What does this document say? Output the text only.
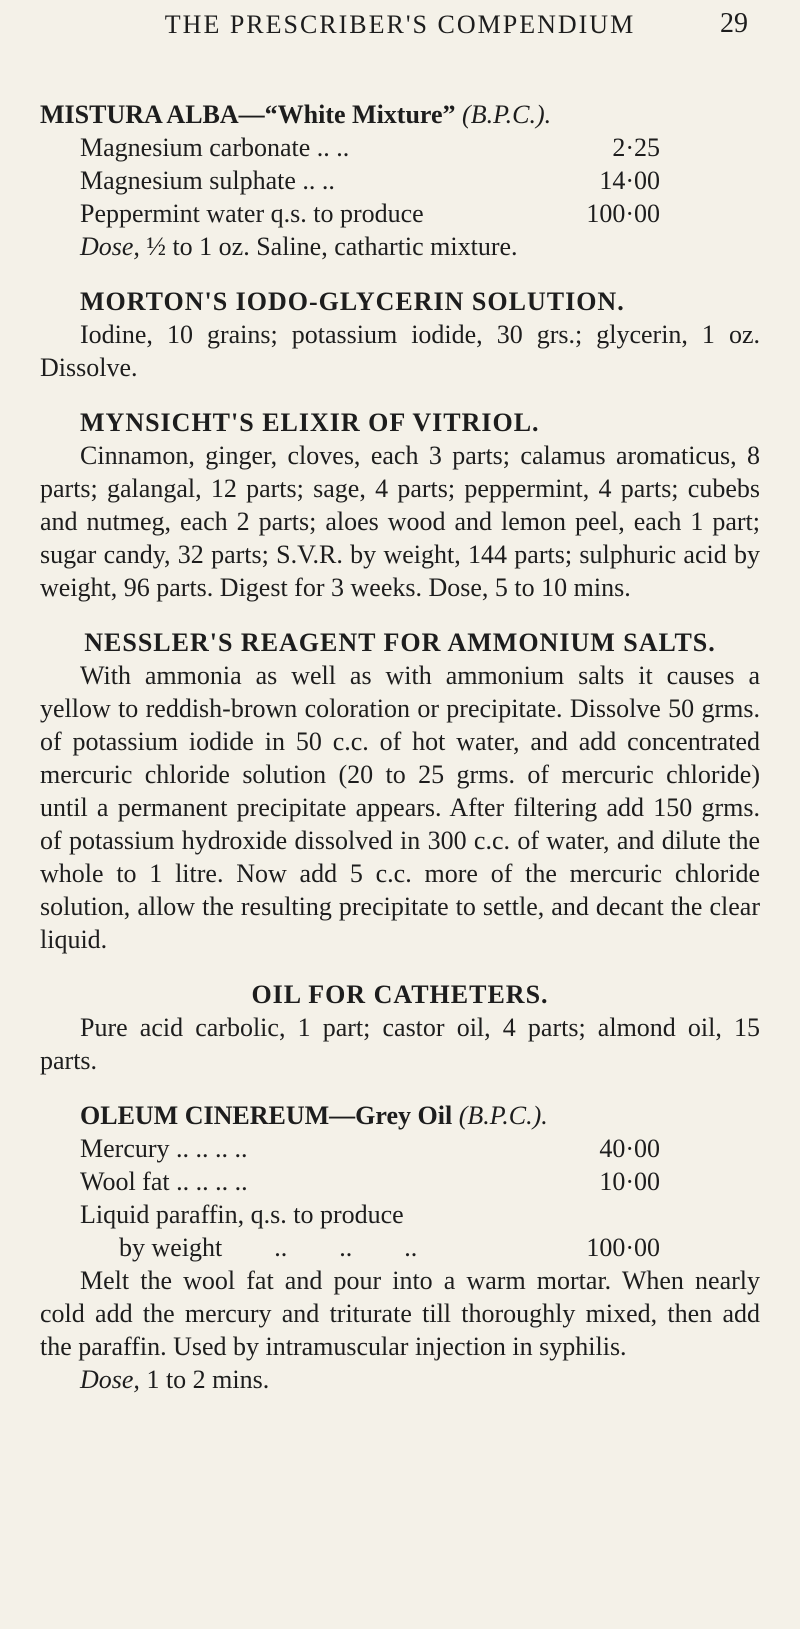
THE PRESCRIBER'S COMPENDIUM	29
MISTURA ALBA—“White Mixture” (B.P.C.).
Magnesium carbonate .. ..	2·25
Magnesium sulphate .. ..	14·00
Peppermint water q.s. to produce	100·00
Dose, ½ to 1 oz. Saline, cathartic mixture.
MORTON'S IODO-GLYCERIN SOLUTION.
Iodine, 10 grains; potassium iodide, 30 grs.; glycerin, 1 oz. Dissolve.
MYNSICHT'S ELIXIR OF VITRIOL.
Cinnamon, ginger, cloves, each 3 parts; calamus aromaticus, 8 parts; galangal, 12 parts; sage, 4 parts; peppermint, 4 parts; cubebs and nutmeg, each 2 parts; aloes wood and lemon peel, each 1 part; sugar candy, 32 parts; S.V.R. by weight, 144 parts; sulphuric acid by weight, 96 parts. Digest for 3 weeks. Dose, 5 to 10 mins.
NESSLER'S REAGENT FOR AMMONIUM SALTS.
With ammonia as well as with ammonium salts it causes a yellow to reddish-brown coloration or precipitate. Dissolve 50 grms. of potassium iodide in 50 c.c. of hot water, and add concentrated mercuric chloride solution (20 to 25 grms. of mercuric chloride) until a permanent precipitate appears. After filtering add 150 grms. of potassium hydroxide dissolved in 300 c.c. of water, and dilute the whole to 1 litre. Now add 5 c.c. more of the mercuric chloride solution, allow the resulting precipitate to settle, and decant the clear liquid.
OIL FOR CATHETERS.
Pure acid carbolic, 1 part; castor oil, 4 parts; almond oil, 15 parts.
OLEUM CINEREUM—Grey Oil (B.P.C.).
Mercury .. .. .. ..	40·00
Wool fat .. .. .. ..	10·00
Liquid paraffin, q.s. to produce
by weight        ..        ..        ..	100·00
Melt the wool fat and pour into a warm mortar. When nearly cold add the mercury and triturate till thoroughly mixed, then add the paraffin. Used by intramuscular injection in syphilis.
Dose, 1 to 2 mins.
